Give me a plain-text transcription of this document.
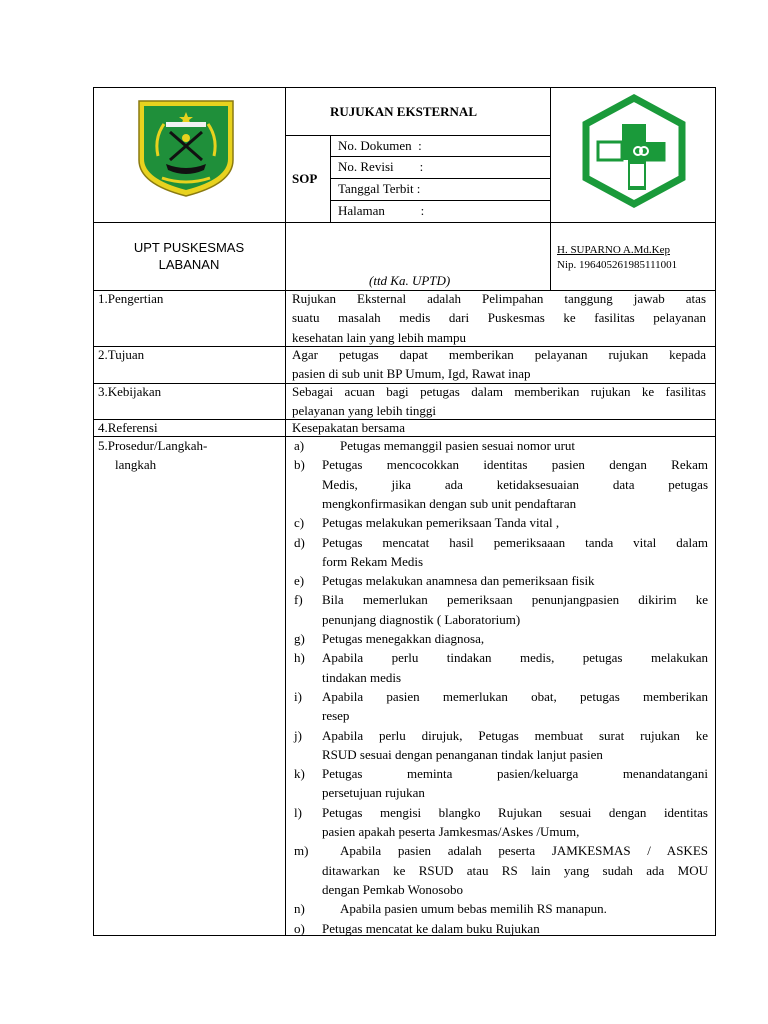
RUJUKAN EKSTERNAL
SOP
No. Dokumen  :
No. Revisi        :
Tanggal Terbit :
Halaman           :
UPT PUSKESMAS
LABANAN
(ttd Ka. UPTD)
H. SUPARNO A.Md.Kep
Nip. 196405261985111001
1.Pengertian	Rujukan Eksternal adalah Pelimpahan tanggung jawab atas
suatu masalah medis dari Puskesmas ke fasilitas pelayanan
kesehatan lain yang lebih mampu
2.Tujuan	Agar petugas dapat memberikan pelayanan rujukan kepada
pasien di sub unit BP Umum, Igd, Rawat inap
3.Kebijakan	Sebagai acuan bagi petugas dalam memberikan rujukan ke fasilitas
pelayanan yang lebih tinggi
4.Referensi	Kesepakatan bersama
5.Prosedur/Langkah-
langkah
a)	Petugas memanggil pasien sesuai nomor urut
b) Petugas mencocokkan identitas pasien dengan Rekam
Medis, jika ada ketidaksesuaian data petugas
mengkonfirmasikan dengan sub unit pendaftaran
c) Petugas melakukan pemeriksaan Tanda vital ,
d) Petugas mencatat hasil pemeriksaaan tanda vital dalam
form Rekam Medis
e) Petugas melakukan anamnesa dan pemeriksaan fisik
f) Bila memerlukan pemeriksaan penunjangpasien dikirim ke
penunjang diagnostik ( Laboratorium)
g) Petugas menegakkan diagnosa,
h) Apabila perlu tindakan medis, petugas melakukan
tindakan medis
i) Apabila pasien memerlukan obat, petugas memberikan
resep
j) Apabila perlu dirujuk, Petugas membuat surat rujukan ke
RSUD sesuai dengan penanganan tindak lanjut pasien
k) Petugas meminta pasien/keluarga menandatangani
persetujuan rujukan
l) Petugas mengisi blangko Rujukan sesuai dengan identitas
pasien apakah peserta Jamkesmas/Askes /Umum,
m)	Apabila pasien adalah peserta JAMKESMAS / ASKES
ditawarkan ke RSUD atau RS lain yang sudah ada MOU
dengan Pemkab Wonosobo
n)	Apabila pasien umum bebas memilih RS manapun.
o) Petugas mencatat ke dalam buku Rujukan
